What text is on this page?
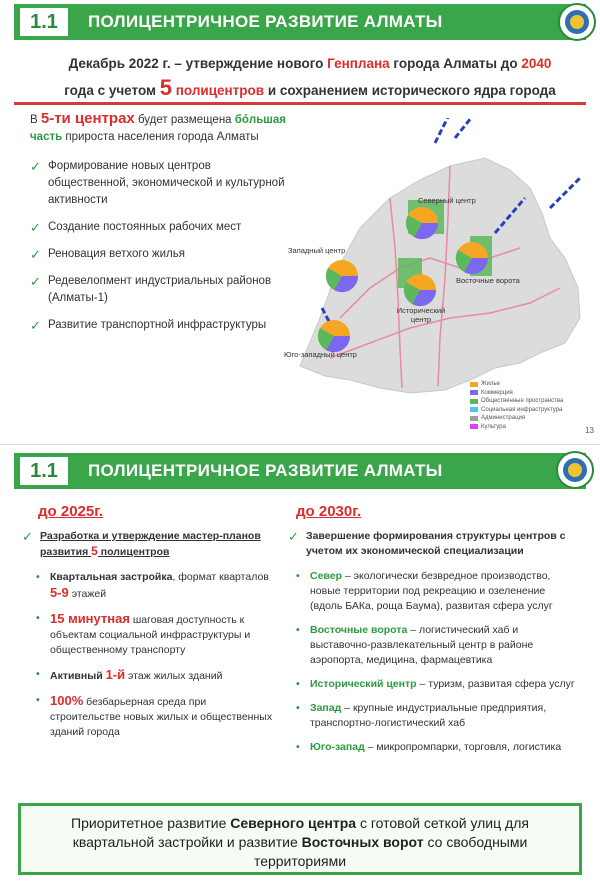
1.1	ПОЛИЦЕНТРИЧНОЕ РАЗВИТИЕ АЛМАТЫ
Декабрь 2022 г. – утверждение нового Генплана города Алматы до 2040
года с учетом 5 полицентров и сохранением исторического ядра города
В 5-ти центрах будет размещена бóльшая часть прироста населения города Алматы
✓ Формирование новых центров общественной, экономической и культурной активности
✓ Создание постоянных рабочих мест
✓ Реновация ветхого жилья
✓ Редевелопмент индустриальных районов (Алматы-1)
✓ Развитие транспортной инфраструктуры
Северный центр
Западный центр
Восточные ворота
Исторический центр
Юго-западный центр
Жилье
Коммерция
Общественные пространства
Социальная инфраструктура
Администрация
Культура	13
1.1	ПОЛИЦЕНТРИЧНОЕ РАЗВИТИЕ АЛМАТЫ
до 2025г.	до 2030г.
✓ Разработка и утверждение мастер-планов развития 5 полицентров
• Квартальная застройка, формат кварталов 5-9 этажей
• 15 минутная шаговая доступность к объектам социальной инфраструктуры и общественному транспорту
• Активный 1-й этаж жилых зданий
• 100% безбарьерная среда при строительстве новых жилых и общественных зданий города
✓ Завершение формирования структуры центров с учетом их экономической специализации
• Север – экологически безвредное производство, новые территории под рекреацию и озеленение (вдоль БАКа, роща Баума), развитая сфера услуг
• Восточные ворота – логистический хаб и выставочно-развлекательный центр в районе аэропорта, медицина, фармацевтика
• Исторический центр – туризм, развитая сфера услуг
• Запад – крупные индустриальные предприятия, транспортно-логистический хаб
• Юго-запад – микропромпарки, торговля, логистика
Приоритетное развитие Северного центра с готовой сеткой улиц для квартальной застройки и развитие Восточных ворот со свободными территориями
